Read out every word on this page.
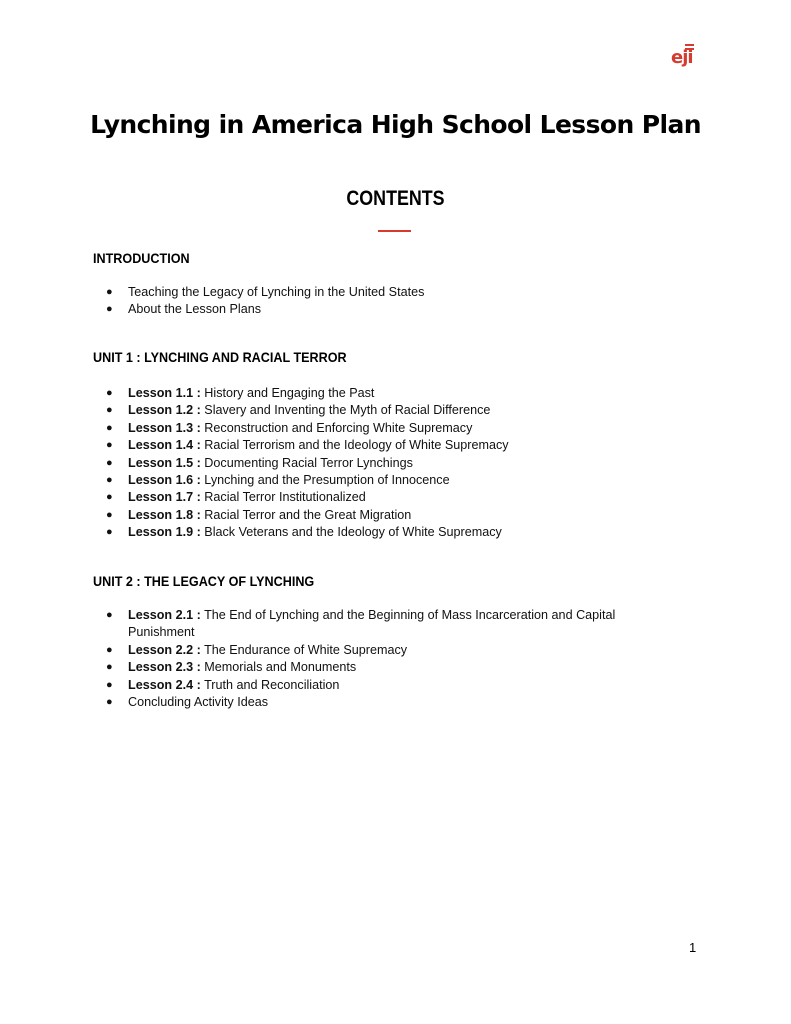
eji
Lynching in America High School Lesson Plan
CONTENTS
INTRODUCTION
● Teaching the Legacy of Lynching in the United States
● About the Lesson Plans
UNIT 1 : LYNCHING AND RACIAL TERROR
● Lesson 1.1 : History and Engaging the Past
● Lesson 1.2 : Slavery and Inventing the Myth of Racial Difference
● Lesson 1.3 : Reconstruction and Enforcing White Supremacy
● Lesson 1.4 : Racial Terrorism and the Ideology of White Supremacy
● Lesson 1.5 : Documenting Racial Terror Lynchings
● Lesson 1.6 : Lynching and the Presumption of Innocence
● Lesson 1.7 : Racial Terror Institutionalized
● Lesson 1.8 : Racial Terror and the Great Migration
● Lesson 1.9 : Black Veterans and the Ideology of White Supremacy
UNIT 2 : THE LEGACY OF LYNCHING
● Lesson 2.1 : The End of Lynching and the Beginning of Mass Incarceration and Capital Punishment
● Lesson 2.2 : The Endurance of White Supremacy
● Lesson 2.3 : Memorials and Monuments
● Lesson 2.4 : Truth and Reconciliation
● Concluding Activity Ideas
1
